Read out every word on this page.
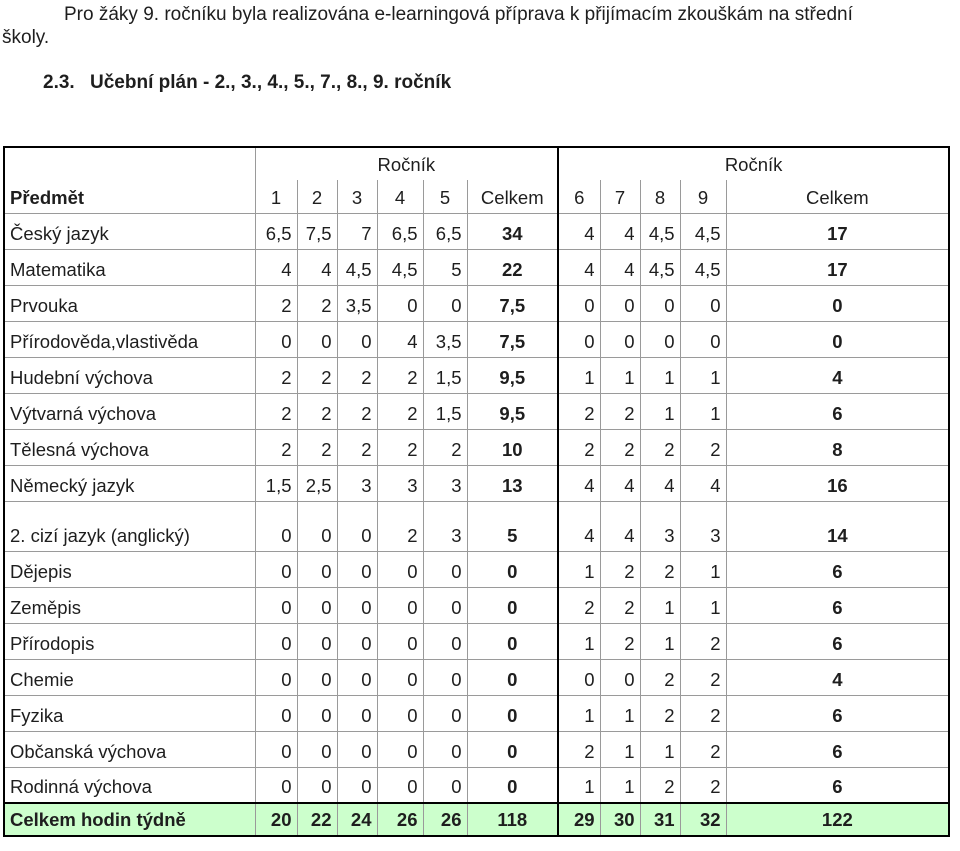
Pro žáky 9. ročníku byla realizována e-learningová příprava k přijímacím zkouškám na střední
školy.
2.3. Učební plán - 2., 3., 4., 5., 7., 8., 9. ročník
	Ročník						Ročník				
Předmět	1	2	3	4	5	Celkem	6	7	8	9	Celkem
Český jazyk	6,5	7,5	7	6,5	6,5	34	4	4	4,5	4,5	17
Matematika	4	4	4,5	4,5	5	22	4	4	4,5	4,5	17
Prvouka	2	2	3,5	0	0	7,5	0	0	0	0	0
Přírodověda,vlastivěda	0	0	0	4	3,5	7,5	0	0	0	0	0
Hudební výchova	2	2	2	2	1,5	9,5	1	1	1	1	4
Výtvarná výchova	2	2	2	2	1,5	9,5	2	2	1	1	6
Tělesná výchova	2	2	2	2	2	10	2	2	2	2	8
Německý jazyk	1,5	2,5	3	3	3	13	4	4	4	4	16
2. cizí jazyk (anglický)	0	0	0	2	3	5	4	4	3	3	14
Dějepis	0	0	0	0	0	0	1	2	2	1	6
Zeměpis	0	0	0	0	0	0	2	2	1	1	6
Přírodopis	0	0	0	0	0	0	1	2	1	2	6
Chemie	0	0	0	0	0	0	0	0	2	2	4
Fyzika	0	0	0	0	0	0	1	1	2	2	6
Občanská výchova	0	0	0	0	0	0	2	1	1	2	6
Rodinná výchova	0	0	0	0	0	0	1	1	2	2	6
Celkem hodin týdně	20	22	24	26	26	118	29	30	31	32	122
